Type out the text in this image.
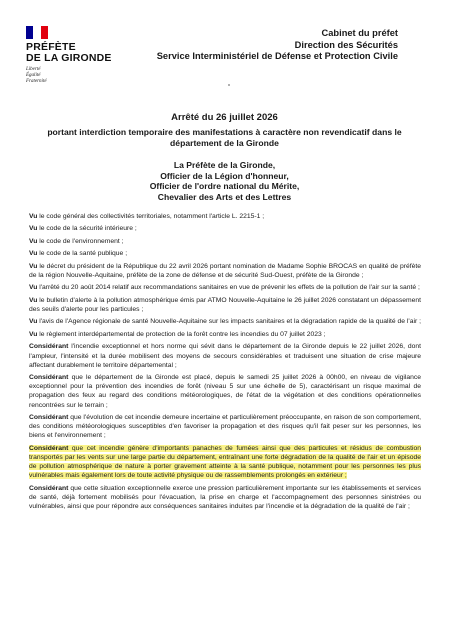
PRÉFÈTE
DE LA GIRONDE
Liberté
Égalité
Fraternité
Cabinet du préfet
Direction des Sécurités
Service Interministériel de Défense et Protection Civile
Arrêté du 26 juillet 2026
portant interdiction temporaire des manifestations à caractère non revendicatif dans le département de la Gironde
La Préfète de la Gironde,
Officier de la Légion d'honneur,
Officier de l'ordre national du Mérite,
Chevalier des Arts et des Lettres
Vu le code général des collectivités territoriales, notamment l'article L. 2215-1 ;
Vu le code de la sécurité intérieure ;
Vu le code de l'environnement ;
Vu le code de la santé publique ;
Vu le décret du président de la République du 22 avril 2026 portant nomination de Madame Sophie BROCAS en qualité de préfète de la région Nouvelle-Aquitaine, préfète de la zone de défense et de sécurité Sud-Ouest, préfète de la Gironde ;
Vu l'arrêté du 20 août 2014 relatif aux recommandations sanitaires en vue de prévenir les effets de la pollution de l'air sur la santé ;
Vu le bulletin d'alerte à la pollution atmosphérique émis par ATMO Nouvelle-Aquitaine le 26 juillet 2026 constatant un dépassement des seuils d'alerte pour les particules ;
Vu l'avis de l'Agence régionale de santé Nouvelle-Aquitaine sur les impacts sanitaires et la dégradation rapide de la qualité de l'air ;
Vu le règlement interdépartemental de protection de la forêt contre les incendies du 07 juillet 2023 ;
Considérant l'incendie exceptionnel et hors norme qui sévit dans le département de la Gironde depuis le 22 juillet 2026, dont l'ampleur, l'intensité et la durée mobilisent des moyens de secours considérables et traduisent une situation de crise majeure affectant durablement le territoire départemental ;
Considérant que le département de la Gironde est placé, depuis le samedi 25 juillet 2026 à 00h00, en niveau de vigilance exceptionnel pour la prévention des incendies de forêt (niveau 5 sur une échelle de 5), caractérisant un risque maximal de propagation des feux au regard des conditions météorologiques, de l'état de la végétation et des conditions opérationnelles rencontrées sur le terrain ;
Considérant que l'évolution de cet incendie demeure incertaine et particulièrement préoccupante, en raison de son comportement, des conditions météorologiques susceptibles d'en favoriser la propagation et des risques qu'il fait peser sur les personnes, les biens et l'environnement ;
Considérant que cet incendie génère d'importants panaches de fumées ainsi que des particules et résidus de combustion transportés par les vents sur une large partie du département, entraînant une forte dégradation de la qualité de l'air et un épisode de pollution atmosphérique de nature à porter gravement atteinte à la santé publique, notamment pour les personnes les plus vulnérables mais également lors de toute activité physique ou de rassemblements prolongés en extérieur ;
Considérant que cette situation exceptionnelle exerce une pression particulièrement importante sur les établissements et services de santé, déjà fortement mobilisés pour l'évacuation, la prise en charge et l'accompagnement des personnes sinistrées ou vulnérables, ainsi que pour répondre aux conséquences sanitaires induites par l'incendie et la dégradation de la qualité de l'air ;
